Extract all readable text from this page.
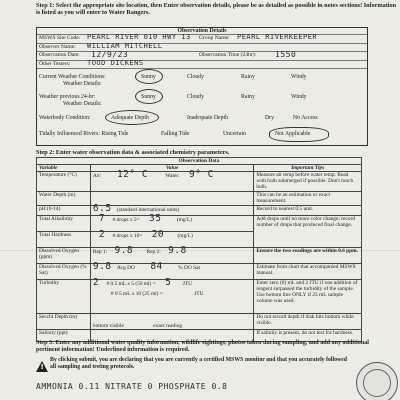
Step 1: Select the appropriate site location, then Enter observation details, please be as detailed as possible in notes sections! Information is listed as you will enter to Water Rangers.
Observation Details
MSWS Site Code: PEARL RIVER 010 HWY 13 Group Name: PEARL RIVERKEEPER
Observer Name: WILLIAM MITCHELL
Observation Date: 12/9/23	Observation Time (24hr): 1550
Other Testers: TOOD DICKENS
Current Weather Conditions:
Weather Details:
Sunny	Cloudy	Rainy	Windy
Weather previous 24-hr:
Weather Details:
Sunny	Cloudy	Rainy	Windy
Waterbody Condition:	Adequate Depth	Inadequate Depth	Dry	No Access
Tidally Influenced Rivers: Rising Tide	Falling Tide	Uncertain	Not Applicable
Step 2: Enter water observation data & associated chemistry parameters.
Observation Data		
Variable	Value	Important Tips
Temperature (°C)	Air: 12° C Water: 9° C	Measure air temp before water temp. Read with bulb submerged if possible. Don't touch bulb.
Water Depth (m)		This can be an estimation or exact measurement.
pH (0-14)	6.5 (standard international units)	Record to nearest 0.5 unit.
Total Alkalinity	7 # drops x 5= 35 (mg/L)	Add drops until no more color change; record number of drops that produced final change.
Total Hardness	2 # drops x 10= 20 (mg/L)	
Dissolved Oxygen (ppm)	Rep 1: 9.8 Rep 2: 9.8	Ensure the two readings are within 0.6 ppm.
Dissolved Oxygen (% Sat)	9.8 Avg DO 84 % DO Sat	Estimate from chart that accompanied MSWS manual.
Turbidity	2 # 0.5 mL x 5 (50 ml) = 5 JTU
# 0.5 mL x 10 (25 ml) = JTU	Enter zero (0) mL and 2 JTU if one addition of reagent surpassed the turbidity of the sample. Use bottom line ONLY if 25 mL sample volume was used.
Secchi Depth (m)	bottom visible exact reading	Do not record depth if disk hits bottom while visible.
Salinity (ppt)		If salinity is present, do not test for hardness.
Step 3: Enter any additional water quality information, wildlife sightings, photos taken during sampling, and add any additional pertinent information! Underlined information is required.
!
By clicking submit, you are declaring that you are currently a certified MSWS monitor and that you accurately followed all sampling and testing protocols.
AMMONIA 0.11 NITRATE 0 PHOSPHATE 0.8
